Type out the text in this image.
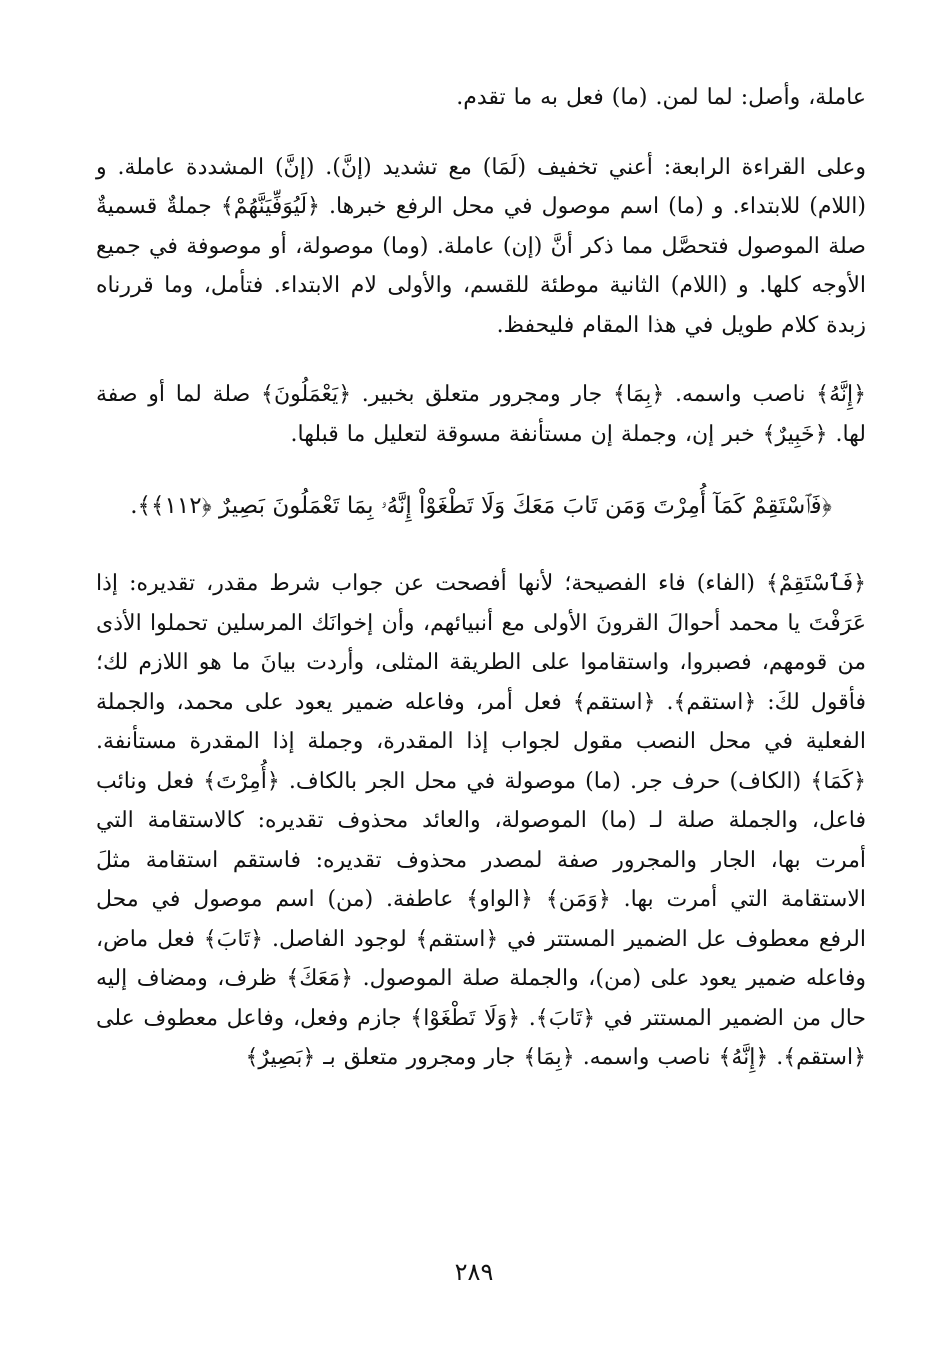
عاملة، وأصل: لما لمن. (ما) فعل به ما تقدم.

وعلى القراءة الرابعة: أعني تخفيف (لَمَا) مع تشديد (إنَّ). (إنَّ) المشددة عاملة. و (اللام) للابتداء. و (ما) اسم موصول في محل الرفع خبرها. ﴿لَيُوَفِّيَنَّهُمْ﴾ جملةٌ قسميةٌ صلة الموصول فتحصَّل مما ذكر أنَّ (إن) عاملة. (وما) موصولة، أو موصوفة في جميع الأوجه كلها. و (اللام) الثانية موطئة للقسم، والأولى لام الابتداء. فتأمل، وما قررناه زبدة كلام طويل في هذا المقام فليحفظ.

﴿إِنَّهُ﴾ ناصب واسمه. ﴿بِمَا﴾ جار ومجرور متعلق بخبير. ﴿يَعْمَلُونَ﴾ صلة لما أو صفة لها. ﴿خَبِيرٌ﴾ خبر إن، وجملة إن مستأنفة مسوقة لتعليل ما قبلها.

﴿فَٱسْتَقِمْ كَمَآ أُمِرْتَ وَمَن تَابَ مَعَكَ وَلَا تَطْغَوْاْ إِنَّهُۥ بِمَا تَعْمَلُونَ بَصِيرٌ ﴿١١٢﴾﴾.

﴿فَٱسْتَقِمْ﴾ (الفاء) فاء الفصيحة؛ لأنها أفصحت عن جواب شرط مقدر، تقديره: إذا عَرَفْتَ يا محمد أحوالَ القرونَ الأولى مع أنبيائهم، وأن إخوانَك المرسلين تحملوا الأذى من قومهم، فصبروا، واستقاموا على الطريقة المثلى، وأردت بيانَ ما هو اللازم لك؛ فأقول لكَ: ﴿استقم﴾. ﴿استقم﴾ فعل أمر، وفاعله ضمير يعود على محمد، والجملة الفعلية في محل النصب مقول لجواب إذا المقدرة، وجملة إذا المقدرة مستأنفة. ﴿كَمَا﴾ (الكاف) حرف جر. (ما) موصولة في محل الجر بالكاف. ﴿أُمِرْتَ﴾ فعل ونائب فاعل، والجملة صلة لـ (ما) الموصولة، والعائد محذوف تقديره: كالاستقامة التي أمرت بها، الجار والمجرور صفة لمصدر محذوف تقديره: فاستقم استقامة مثلَ الاستقامة التي أمرت بها. ﴿وَمَن﴾ ﴿الواو﴾ عاطفة. (من) اسم موصول في محل الرفع معطوف عل الضمير المستتر في ﴿استقم﴾ لوجود الفاصل. ﴿تَابَ﴾ فعل ماض، وفاعله ضمير يعود على (من)، والجملة صلة الموصول. ﴿مَعَكَ﴾ ظرف، ومضاف إليه حال من الضمير المستتر في ﴿تَابَ﴾. ﴿وَلَا تَطْغَوْا﴾ جازم وفعل، وفاعل معطوف على ﴿استقم﴾. ﴿إِنَّهُ﴾ ناصب واسمه. ﴿بِمَا﴾ جار ومجرور متعلق بـ ﴿بَصِيرٌ﴾

٢٨٩
